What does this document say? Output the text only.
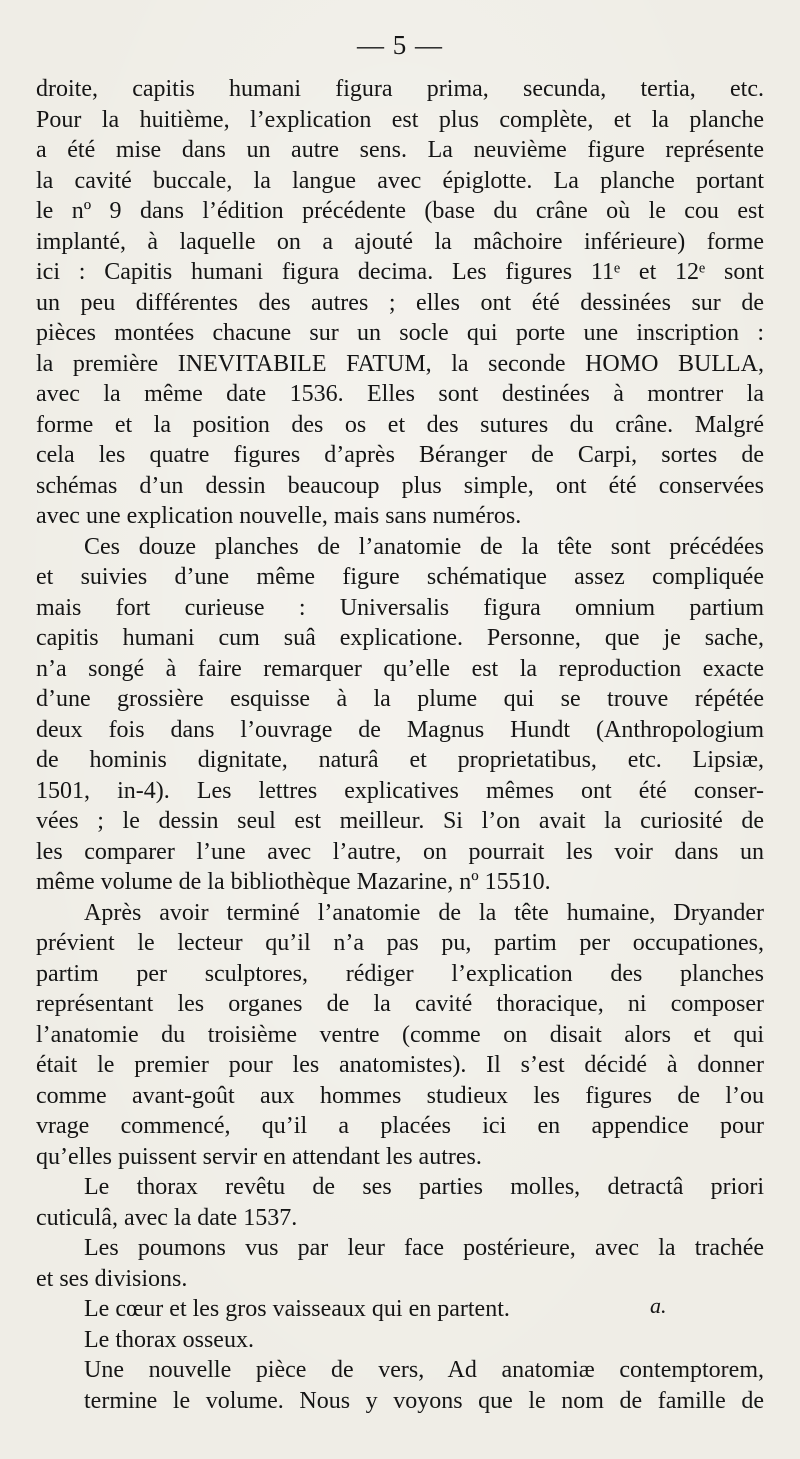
— 5 —
droite, capitis humani figura prima, secunda, tertia, etc.
Pour la huitième, l’explication est plus complète, et la planche
a été mise dans un autre sens. La neuvième figure représente
la cavité buccale, la langue avec épiglotte. La planche portant
le nº 9 dans l’édition précédente (base du crâne où le cou est
implanté, à laquelle on a ajouté la mâchoire inférieure) forme
ici : Capitis humani figura decima. Les figures 11ᵉ et 12ᵉ sont
un peu différentes des autres ; elles ont été dessinées sur de
pièces montées chacune sur un socle qui porte une inscription :
la première INEVITABILE FATUM, la seconde HOMO BULLA,
avec la même date 1536. Elles sont destinées à montrer la
forme et la position des os et des sutures du crâne. Malgré
cela les quatre figures d’après Béranger de Carpi, sortes de
schémas d’un dessin beaucoup plus simple, ont été conservées
avec une explication nouvelle, mais sans numéros.
Ces douze planches de l’anatomie de la tête sont précédées
et suivies d’une même figure schématique assez compliquée
mais fort curieuse : Universalis figura omnium partium
capitis humani cum suâ explicatione. Personne, que je sache,
n’a songé à faire remarquer qu’elle est la reproduction exacte
d’une grossière esquisse à la plume qui se trouve répétée
deux fois dans l’ouvrage de Magnus Hundt (Anthropologium
de hominis dignitate, naturâ et proprietatibus, etc. Lipsiæ,
1501, in-4). Les lettres explicatives mêmes ont été conser-
vées ; le dessin seul est meilleur. Si l’on avait la curiosité de
les comparer l’une avec l’autre, on pourrait les voir dans un
même volume de la bibliothèque Mazarine, nº 15510.
Après avoir terminé l’anatomie de la tête humaine, Dryander
prévient le lecteur qu’il n’a pas pu, partim per occupationes,
partim per sculptores, rédiger l’explication des planches
représentant les organes de la cavité thoracique, ni composer
l’anatomie du troisième ventre (comme on disait alors et qui
était le premier pour les anatomistes). Il s’est décidé à donner
comme avant-goût aux hommes studieux les figures de l’ou
vrage commencé, qu’il a placées ici en appendice pour
qu’elles puissent servir en attendant les autres.
Le thorax revêtu de ses parties molles, detractâ priori
cuticulâ, avec la date 1537.
Les poumons vus par leur face postérieure, avec la trachée
et ses divisions.
Le cœur et les gros vaisseaux qui en partent.
Le thorax osseux.
Une nouvelle pièce de vers, Ad anatomiæ contemptorem,
termine le volume. Nous y voyons que le nom de famille de
a.
